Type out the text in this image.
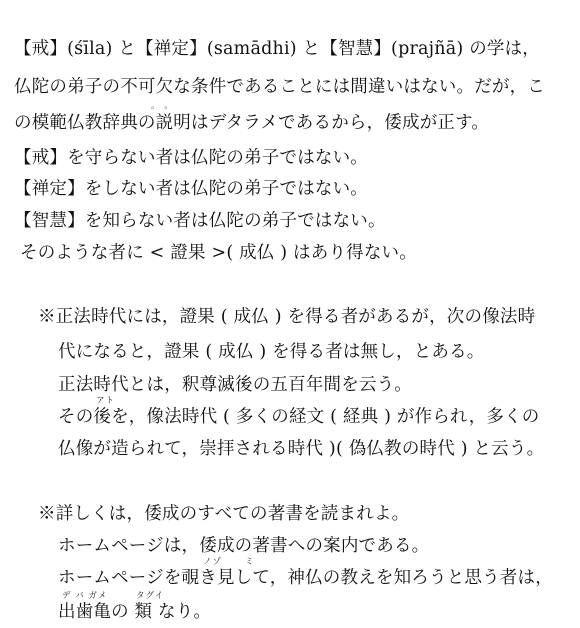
【戒】(śīla) と【禅定】(samādhi) と【智慧】(prajñā) の学は，
仏陀の弟子の不可欠な条件であることには間違いはない。だが，こ
。 。
の模範仏教辞典の説明はデタラメであるから，倭成が正す。
【戒】を守らない者は仏陀の弟子ではない。
【禅定】をしない者は仏陀の弟子ではない。
【智慧】を知らない者は仏陀の弟子ではない。
そのような者に < 證果 >( 成仏 ) はあり得ない。
※正法時代には，證果 ( 成仏 ) を得る者があるが，次の像法時
代になると，證果 ( 成仏 ) を得る者は無し，とある。
正法時代とは，釈尊滅後の五百年間を云う。
アト
その後を，像法時代 ( 多くの経文 ( 経典 ) が作られ，多くの
仏像が造られて，崇拝される時代 )( 偽仏教の時代 ) と云う。
※詳しくは，倭成のすべての著書を読まれよ。
ホームページは，倭成の著書への案内である。
ノゾ	ミ
ホームページを覗き見して，神仏の教えを知ろうと思う者は，
デ バ ガメ	タグイ
出歯亀の 類 なり。
